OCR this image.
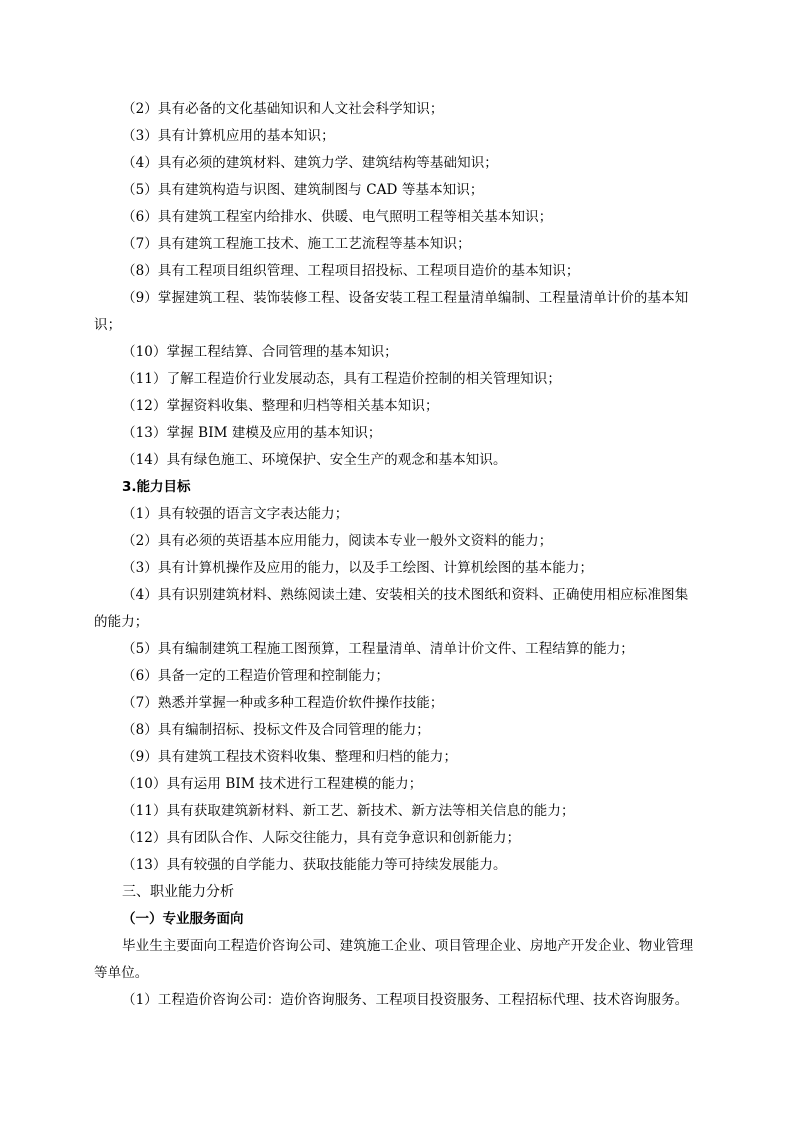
（2）具有必备的文化基础知识和人文社会科学知识；
（3）具有计算机应用的基本知识；
（4）具有必须的建筑材料、建筑力学、建筑结构等基础知识；
（5）具有建筑构造与识图、建筑制图与 CAD 等基本知识；
（6）具有建筑工程室内给排水、供暖、电气照明工程等相关基本知识；
（7）具有建筑工程施工技术、施工工艺流程等基本知识；
（8）具有工程项目组织管理、工程项目招投标、工程项目造价的基本知识；
（9）掌握建筑工程、装饰装修工程、设备安装工程工程量清单编制、工程量清单计价的基本知
识；
（10）掌握工程结算、合同管理的基本知识；
（11）了解工程造价行业发展动态，具有工程造价控制的相关管理知识；
（12）掌握资料收集、整理和归档等相关基本知识；
（13）掌握 BIM 建模及应用的基本知识；
（14）具有绿色施工、环境保护、安全生产的观念和基本知识。
3.能力目标
（1）具有较强的语言文字表达能力；
（2）具有必须的英语基本应用能力，阅读本专业一般外文资料的能力；
（3）具有计算机操作及应用的能力，以及手工绘图、计算机绘图的基本能力；
（4）具有识别建筑材料、熟练阅读土建、安装相关的技术图纸和资料、正确使用相应标准图集
的能力；
（5）具有编制建筑工程施工图预算，工程量清单、清单计价文件、工程结算的能力；
（6）具备一定的工程造价管理和控制能力；
（7）熟悉并掌握一种或多种工程造价软件操作技能；
（8）具有编制招标、投标文件及合同管理的能力；
（9）具有建筑工程技术资料收集、整理和归档的能力；
（10）具有运用 BIM 技术进行工程建模的能力；
（11）具有获取建筑新材料、新工艺、新技术、新方法等相关信息的能力；
（12）具有团队合作、人际交往能力，具有竞争意识和创新能力；
（13）具有较强的自学能力、获取技能能力等可持续发展能力。
三、职业能力分析
（一）专业服务面向
毕业生主要面向工程造价咨询公司、建筑施工企业、项目管理企业、房地产开发企业、物业管理等单位。
（1）工程造价咨询公司：造价咨询服务、工程项目投资服务、工程招标代理、技术咨询服务。
